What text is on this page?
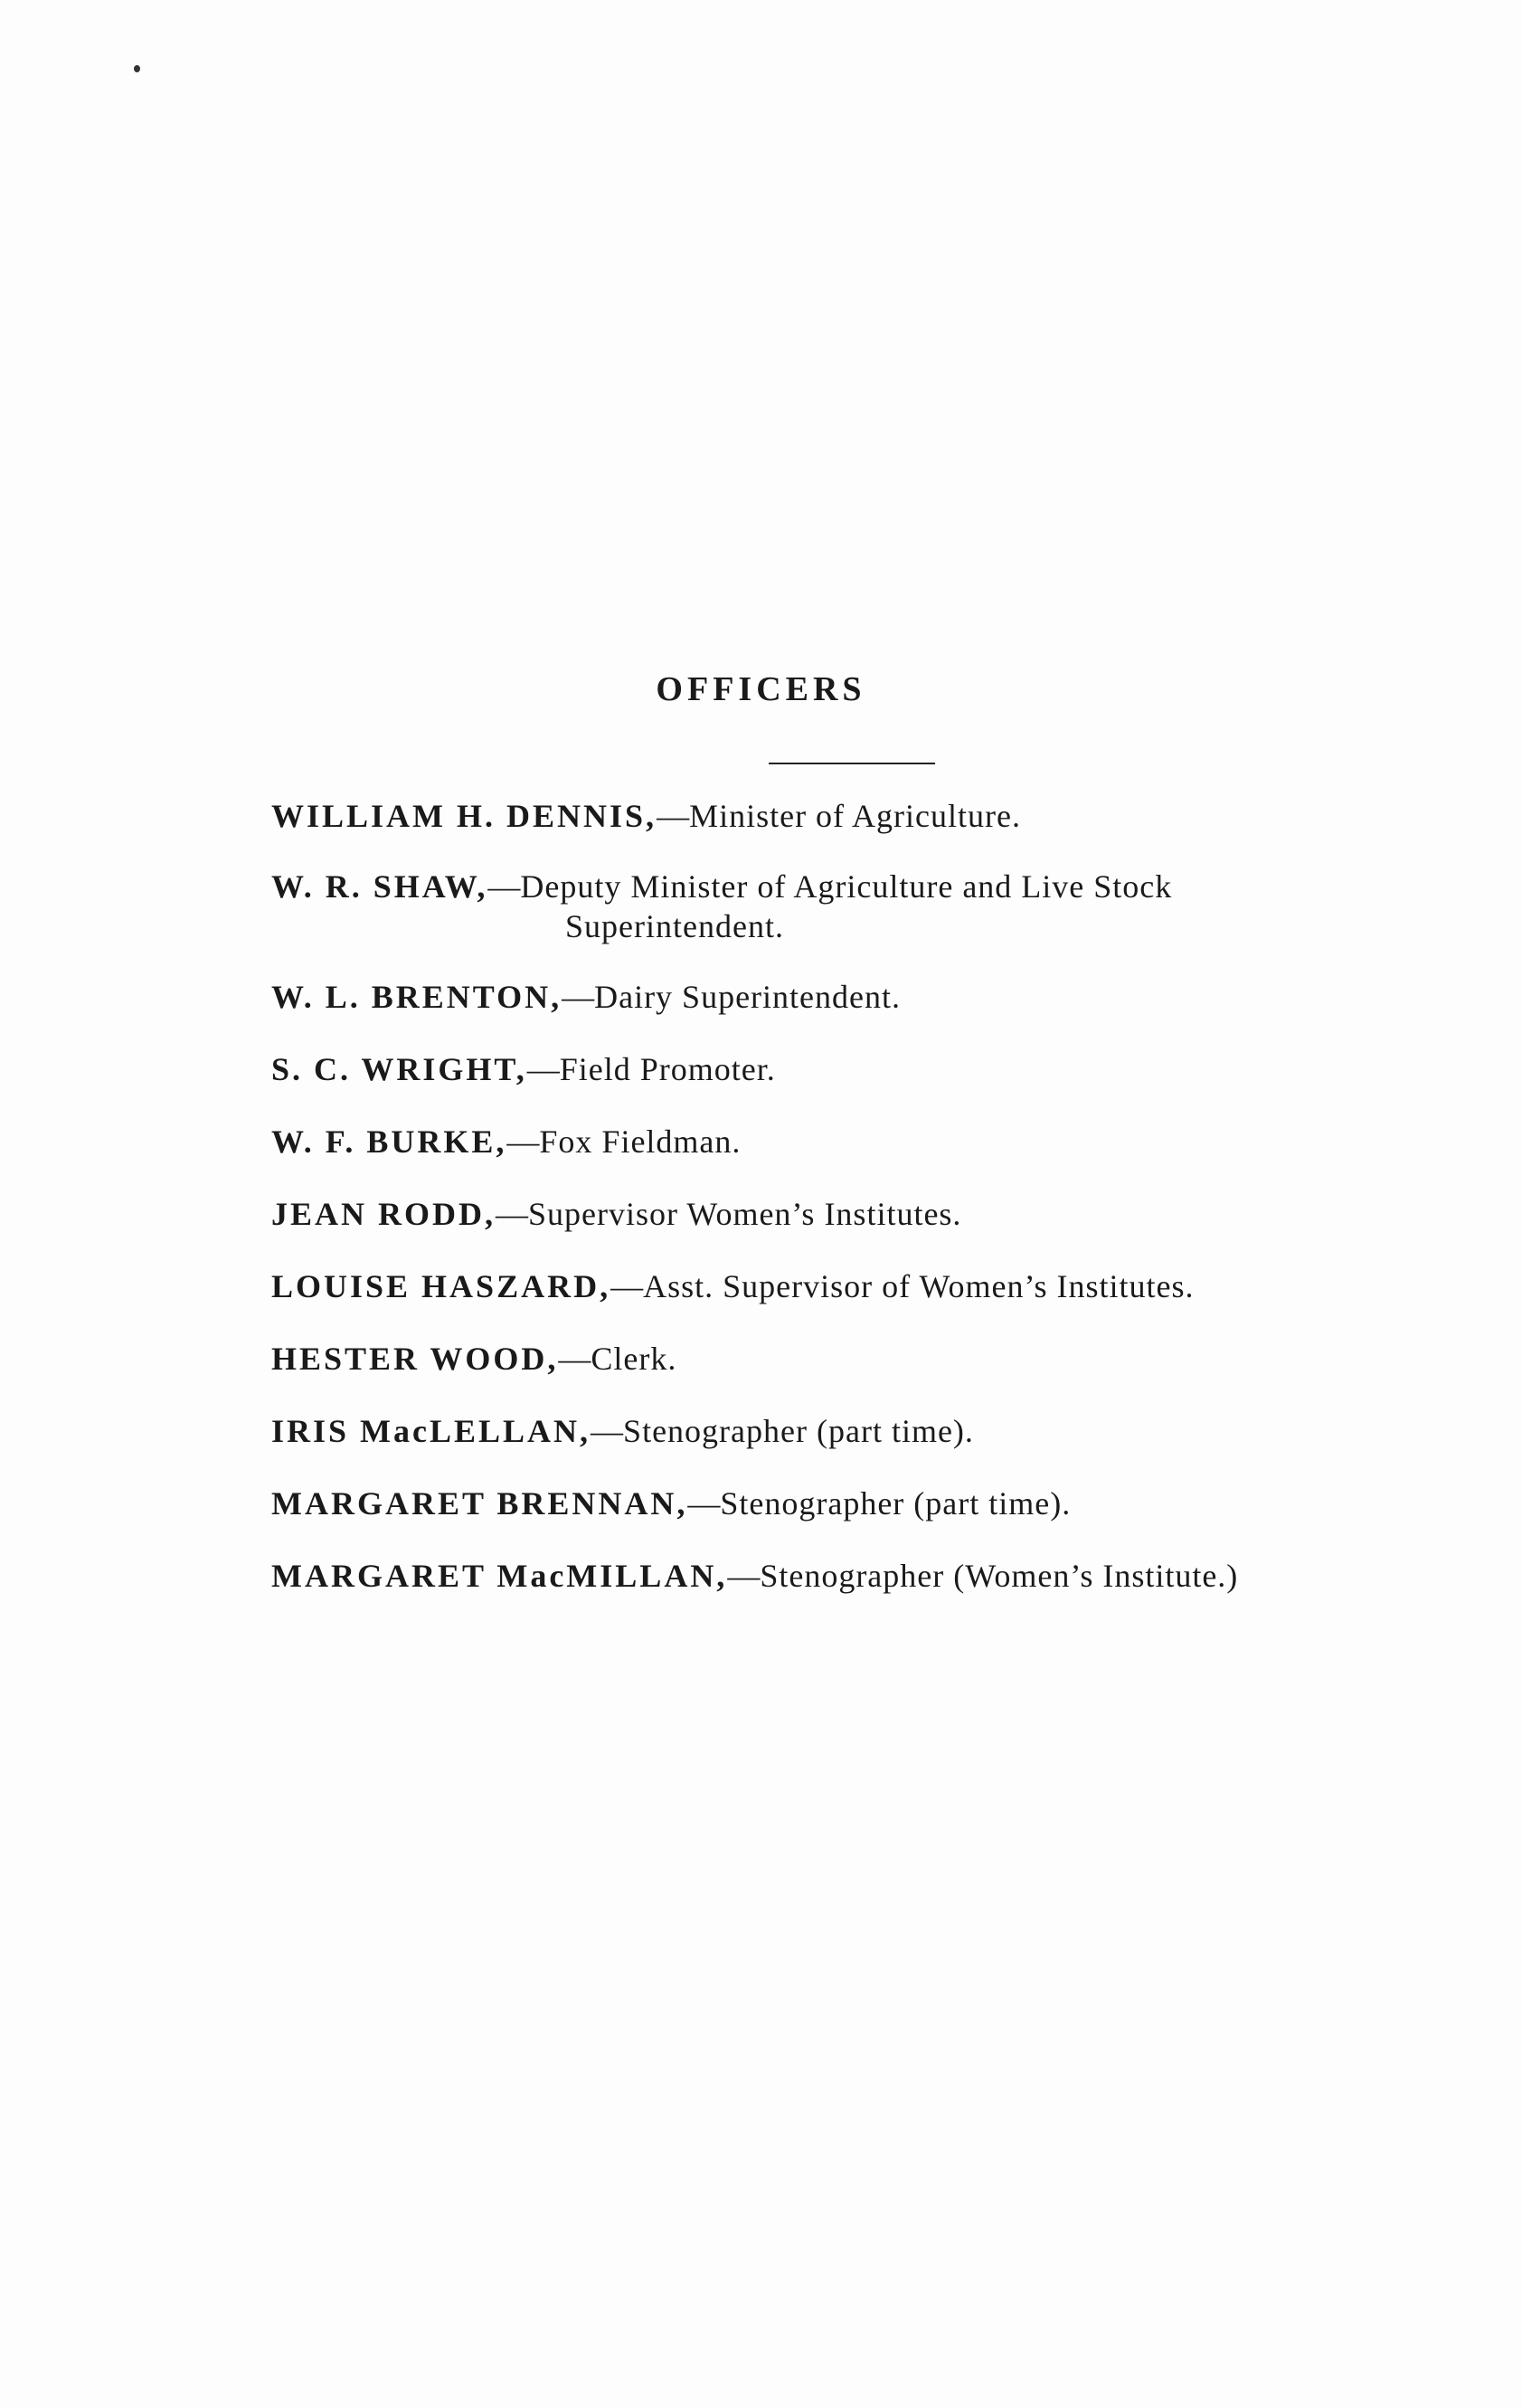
OFFICERS
WILLIAM H. DENNIS,—Minister of Agriculture.
W. R. SHAW,—Deputy Minister of Agriculture and Live Stock
Superintendent.
W. L. BRENTON,—Dairy Superintendent.
S. C. WRIGHT,—Field Promoter.
W. F. BURKE,—Fox Fieldman.
JEAN RODD,—Supervisor Women’s Institutes.
LOUISE HASZARD,—Asst. Supervisor of Women’s Institutes.
HESTER WOOD,—Clerk.
IRIS MacLELLAN,—Stenographer (part time).
MARGARET BRENNAN,—Stenographer (part time).
MARGARET MacMILLAN,—Stenographer (Women’s Institute.)
